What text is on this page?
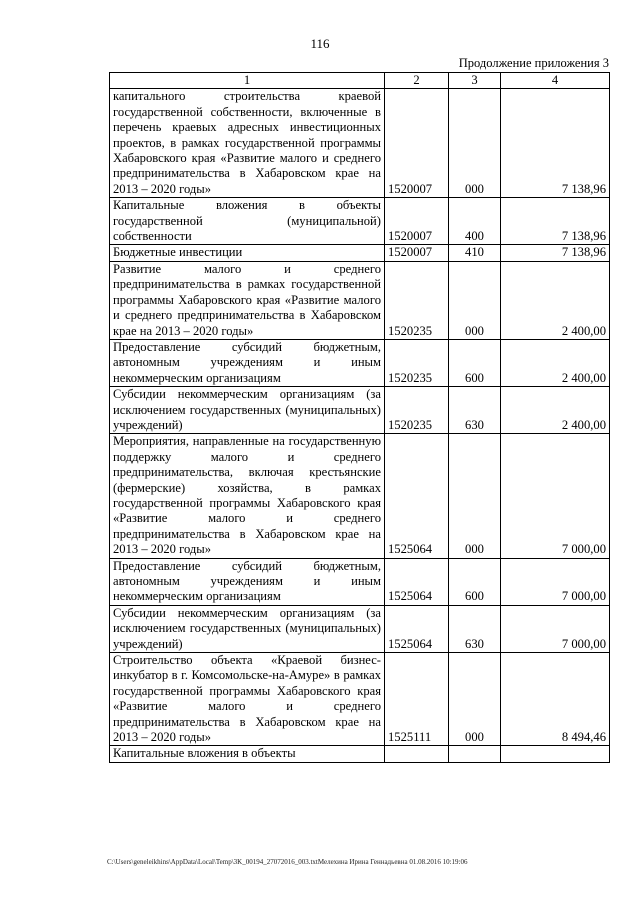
116
Продолжение приложения 3
1	2	3	4
капитального строительства краевой государственной собственности, включенные в перечень краевых адресных инвестиционных проектов, в рамках государственной программы Хабаровского края «Развитие малого и среднего предпринимательства в Хабаровском крае на 2013 – 2020 годы»	1520007	000	7 138,96
Капитальные вложения в объекты государственной (муниципальной) собственности	1520007	400	7 138,96
Бюджетные инвестиции	1520007	410	7 138,96
Развитие малого и среднего предпринимательства в рамках государственной программы Хабаровского края «Развитие малого и среднего предпринимательства в Хабаровском крае на 2013 – 2020 годы»	1520235	000	2 400,00
Предоставление субсидий бюджетным, автономным учреждениям и иным некоммерческим организациям	1520235	600	2 400,00
Субсидии некоммерческим организациям (за исключением государственных (муниципальных) учреждений)	1520235	630	2 400,00
Мероприятия, направленные на государственную поддержку малого и среднего предпринимательства, включая крестьянские (фермерские) хозяйства, в рамках государственной программы Хабаровского края «Развитие малого и среднего предпринимательства в Хабаровском крае на 2013 – 2020 годы»	1525064	000	7 000,00
Предоставление субсидий бюджетным, автономным учреждениям и иным некоммерческим организациям	1525064	600	7 000,00
Субсидии некоммерческим организациям (за исключением государственных (муниципальных) учреждений)	1525064	630	7 000,00
Строительство объекта «Краевой бизнес-инкубатор в г. Комсомольске-на-Амуре» в рамках государственной программы Хабаровского края «Развитие малого и среднего предпринимательства в Хабаровском крае на 2013 – 2020 годы»	1525111	000	8 494,46
Капитальные вложения в объекты			
C:\Users\geneleikhins\AppData\Local\Temp\3K_00194_27072016_003.txtМелехина Ирина Геннадьевна 01.08.2016 10:19:06
